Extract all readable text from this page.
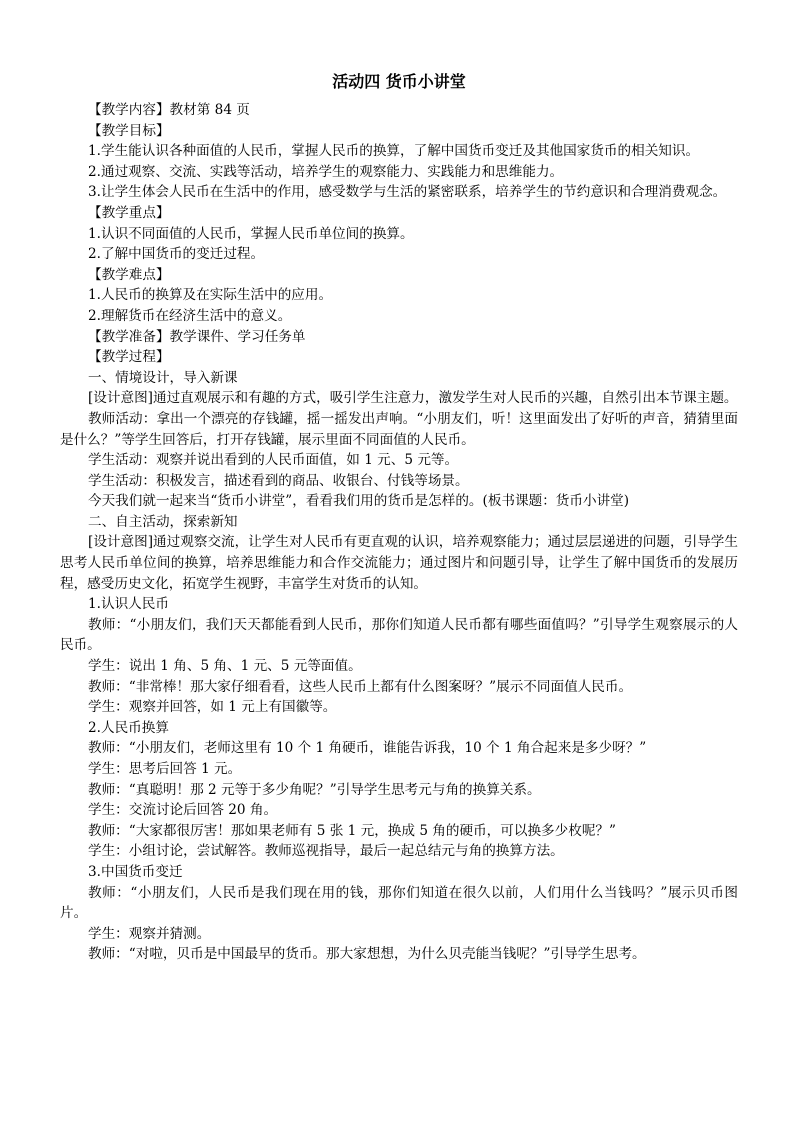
活动四 货币小讲堂

【教学内容】教材第 84 页

【教学目标】

1.学生能认识各种面值的人民币，掌握人民币的换算，了解中国货币变迁及其他国家货币的相关知识。

2.通过观察、交流、实践等活动，培养学生的观察能力、实践能力和思维能力。

3.让学生体会人民币在生活中的作用，感受数学与生活的紧密联系，培养学生的节约意识和合理消费观念。

【教学重点】

1.认识不同面值的人民币，掌握人民币单位间的换算。

2.了解中国货币的变迁过程。

【教学难点】

1.人民币的换算及在实际生活中的应用。

2.理解货币在经济生活中的意义。

【教学准备】教学课件、学习任务单

【教学过程】

一、情境设计，导入新课

[设计意图]通过直观展示和有趣的方式，吸引学生注意力，激发学生对人民币的兴趣，自然引出本节课主题。

教师活动：拿出一个漂亮的存钱罐，摇一摇发出声响。“小朋友们，听！这里面发出了好听的声音，猜猜里面是什么？”等学生回答后，打开存钱罐，展示里面不同面值的人民币。

学生活动：观察并说出看到的人民币面值，如 1 元、5 元等。

学生活动：积极发言，描述看到的商品、收银台、付钱等场景。

今天我们就一起来当“货币小讲堂”，看看我们用的货币是怎样的。(板书课题：货币小讲堂)

二、自主活动，探索新知

[设计意图]通过观察交流，让学生对人民币有更直观的认识，培养观察能力；通过层层递进的问题，引导学生思考人民币单位间的换算，培养思维能力和合作交流能力；通过图片和问题引导，让学生了解中国货币的发展历程，感受历史文化，拓宽学生视野，丰富学生对货币的认知。

1.认识人民币

教师：“小朋友们，我们天天都能看到人民币，那你们知道人民币都有哪些面值吗？”引导学生观察展示的人民币。

学生：说出 1 角、5 角、1 元、5 元等面值。

教师：“非常棒！那大家仔细看看，这些人民币上都有什么图案呀？”展示不同面值人民币。

学生：观察并回答，如 1 元上有国徽等。

2.人民币换算

教师：“小朋友们，老师这里有 10 个 1 角硬币，谁能告诉我，10 个 1 角合起来是多少呀？”

学生：思考后回答 1 元。

教师：“真聪明！那 2 元等于多少角呢？”引导学生思考元与角的换算关系。

学生：交流讨论后回答 20 角。

教师：“大家都很厉害！那如果老师有 5 张 1 元，换成 5 角的硬币，可以换多少枚呢？”

学生：小组讨论，尝试解答。教师巡视指导，最后一起总结元与角的换算方法。

3.中国货币变迁

教师：“小朋友们，人民币是我们现在用的钱，那你们知道在很久以前，人们用什么当钱吗？”展示贝币图片。

学生：观察并猜测。

教师：“对啦，贝币是中国最早的货币。那大家想想，为什么贝壳能当钱呢？”引导学生思考。
